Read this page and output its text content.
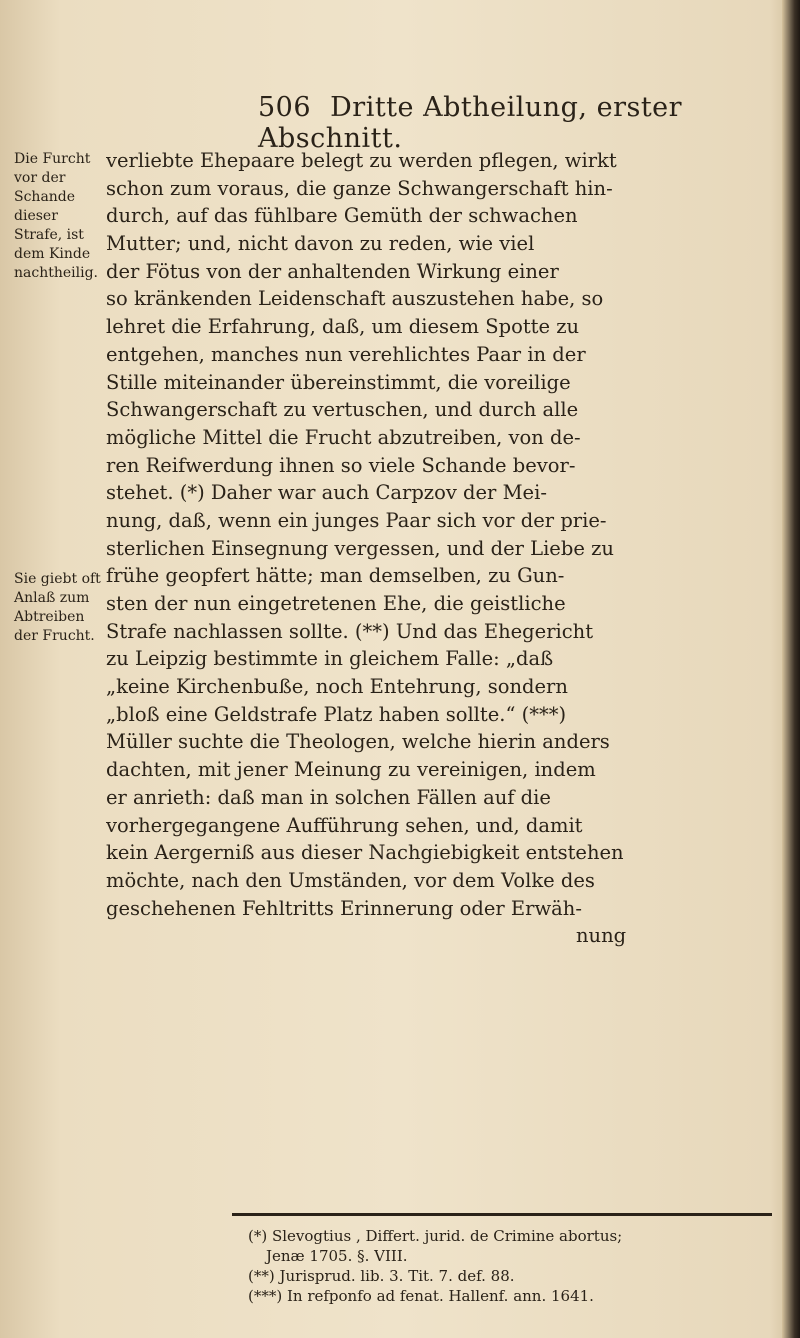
506 Dritte Abtheilung, erster Abschnitt.
Die Furcht vor der Schande dieser Strafe, ist dem Kinde nachtheilig.
Sie giebt oft Anlaß zum Abtreiben der Frucht.
verliebte Ehepaare belegt zu werden pflegen, wirkt
schon zum voraus, die ganze Schwangerschaft hin-
durch, auf das fühlbare Gemüth der schwachen
Mutter; und, nicht davon zu reden, wie viel
der Fötus von der anhaltenden Wirkung einer
so kränkenden Leidenschaft auszustehen habe, so
lehret die Erfahrung, daß, um diesem Spotte zu
entgehen, manches nun verehlichtes Paar in der
Stille miteinander übereinstimmt, die voreilige
Schwangerschaft zu vertuschen, und durch alle
mögliche Mittel die Frucht abzutreiben, von de-
ren Reifwerdung ihnen so viele Schande bevor-
stehet. (*) Daher war auch Carpzov der Mei-
nung, daß, wenn ein junges Paar sich vor der prie-
sterlichen Einsegnung vergessen, und der Liebe zu
frühe geopfert hätte; man demselben, zu Gun-
sten der nun eingetretenen Ehe, die geistliche
Strafe nachlassen sollte. (**) Und das Ehegericht
zu Leipzig bestimmte in gleichem Falle: „daß
„keine Kirchenbuße, noch Entehrung, sondern
„bloß eine Geldstrafe Platz haben sollte.“ (***)
Müller suchte die Theologen, welche hierin anders
dachten, mit jener Meinung zu vereinigen, indem
er anrieth: daß man in solchen Fällen auf die
vorhergegangene Aufführung sehen, und, damit
kein Aergerniß aus dieser Nachgiebigkeit entstehen
möchte, nach den Umständen, vor dem Volke des
geschehenen Fehltritts Erinnerung oder Erwäh-
nung
(*) Slevogtius , Differt. jurid. de Crimine abortus;
Jenæ 1705. §. VIII.
(**) Jurisprud. lib. 3. Tit. 7. def. 88.
(***) In refponfo ad fenat. Hallenf. ann. 1641.
